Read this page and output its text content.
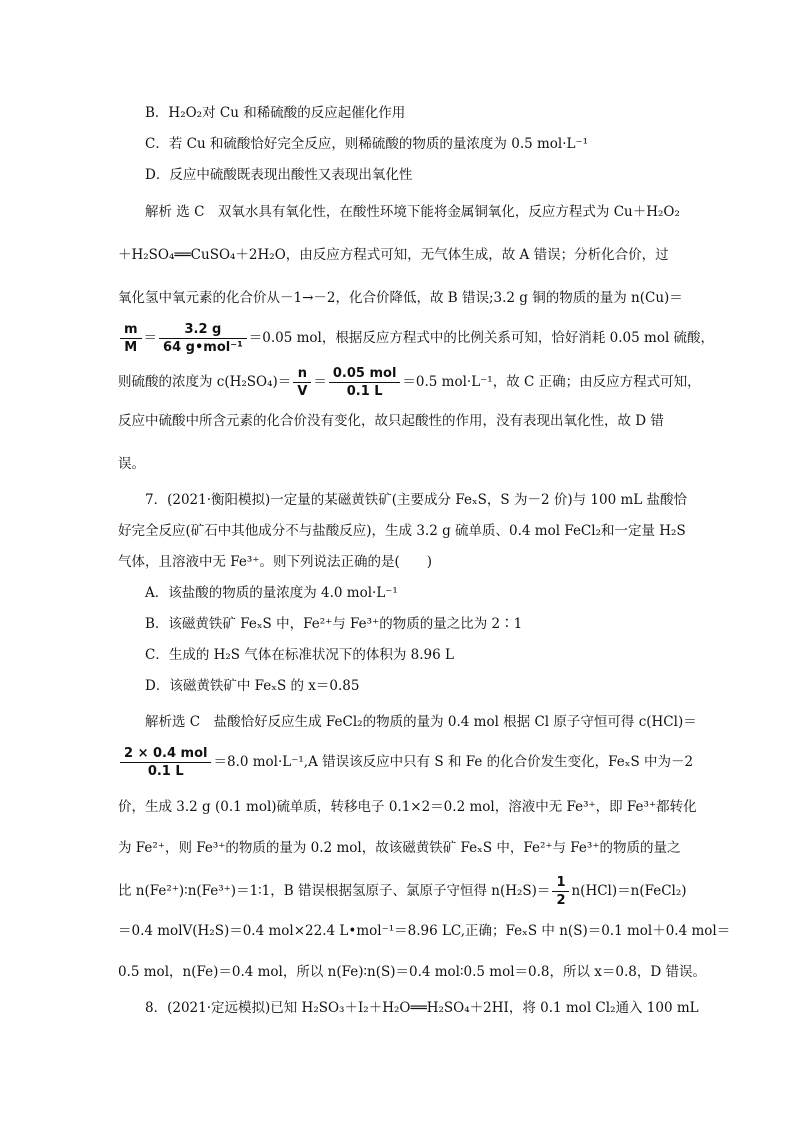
B．H₂O₂对 Cu 和稀硫酸的反应起催化作用
C．若 Cu 和硫酸恰好完全反应，则稀硫酸的物质的量浓度为 0.5 mol·L⁻¹
D．反应中硫酸既表现出酸性又表现出氧化性
解析 选 C　双氧水具有氧化性，在酸性环境下能将金属铜氧化，反应方程式为 Cu＋H₂O₂
＋H₂SO₄══CuSO₄＋2H₂O，由反应方程式可知，无气体生成，故 A 错误；分析化合价，过
氧化氢中氧元素的化合价从－1→－2，化合价降低，故 B 错误;3.2 g 铜的物质的量为 n(Cu)＝
$\frac{m}{M} = \frac{3.2 g}{\text{64 g•mol⁻¹}} =0.05$ mol，根据反应方程式中的比例关系可知，恰好消耗 0.05 mol 硫酸，
则硫酸的浓度为 $c(H_2SO_4)= \frac{n}{V} = \frac{\text{0.05 mol}}{0.1 L} =0.5$ mol·L⁻¹，故 C 正确；由反应方程式可知，
反应中硫酸中所含元素的化合价没有变化，故只起酸性的作用，没有表现出氧化性，故 D 错
误。
7．(2021·衡阳模拟)一定量的某磁黄铁矿(主要成分 FeₓS，S 为－2 价)与 100 mL 盐酸恰
好完全反应(矿石中其他成分不与盐酸反应)，生成 3.2 g 硫单质、0.4 mol FeCl₂和一定量 H₂S
气体，且溶液中无 Fe³⁺。则下列说法正确的是(　　)
A．该盐酸的物质的量浓度为 4.0 mol·L⁻¹
B．该磁黄铁矿 FeₓS 中，Fe²⁺与 Fe³⁺的物质的量之比为 2∶1
C．生成的 H₂S 气体在标准状况下的体积为 8.96 L
D．该磁黄铁矿中 FeₓS 的 x＝0.85
解析选 C　盐酸恰好反应生成 FeCl₂的物质的量为 0.4 mol 根据 Cl 原子守恒可得 c(HCl)＝
$\frac{\text{2 × 0.4 mol}}{0.1 L} =8.0$ mol·L⁻¹,A 错误该反应中只有 S 和 Fe 的化合价发生变化，FeₓS 中为－2
价，生成 3.2 g (0.1 mol)硫单质，转移电子 0.1×2＝0.2 mol，溶液中无 Fe³⁺，即 Fe³⁺都转化
为 Fe²⁺，则 Fe³⁺的物质的量为 0.2 mol，故该磁黄铁矿 FeₓS 中，Fe²⁺与 Fe³⁺的物质的量之
比 n(Fe²⁺)∶n(Fe³⁺)＝1∶1，B 错误根据氢原子、氯原子守恒得 $n(H_2S)= \frac{1}{2}$ n(HCl)＝n(FeCl₂)
＝0.4 molV(H₂S)＝0.4 mol×22.4 L•mol⁻¹＝8.96 LC,正确；FeₓS 中 n(S)＝0.1 mol＋0.4 mol＝
0.5 mol，n(Fe)＝0.4 mol，所以 n(Fe)∶n(S)＝0.4 mol∶0.5 mol＝0.8，所以 x＝0.8，D 错误。
8．(2021·定远模拟)已知 H₂SO₃＋I₂＋H₂O══H₂SO₄＋2HI，将 0.1 mol Cl₂通入 100 mL
